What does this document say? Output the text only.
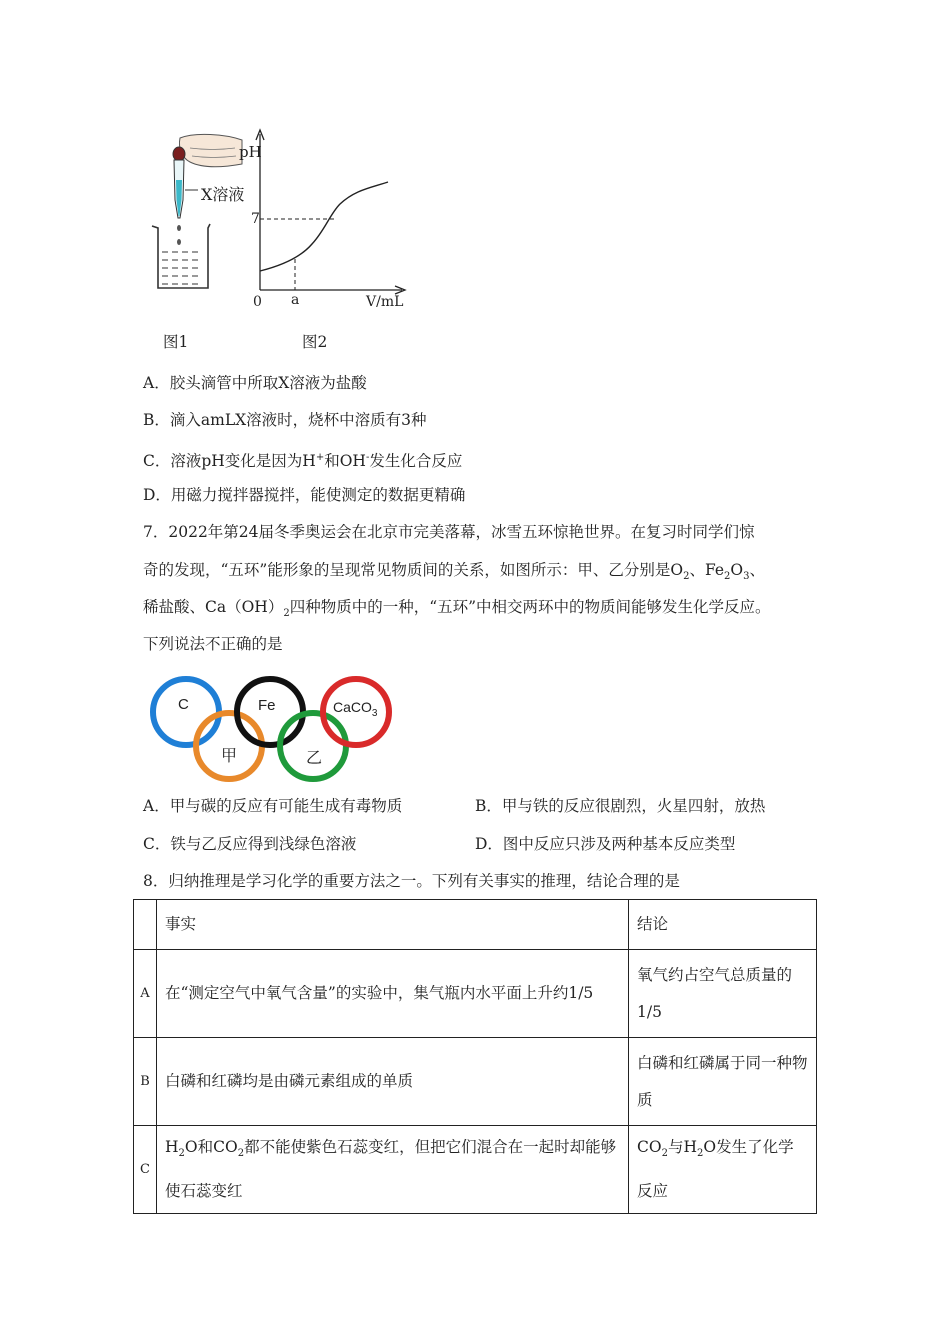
X溶液
pH
7
0 a	V/mL
图1	图2
A．胶头滴管中所取X溶液为盐酸
B．滴入amLX溶液时，烧杯中溶质有3种
C．溶液pH变化是因为H+和OH-发生化合反应
D．用磁力搅拌器搅拌，能使测定的数据更精确
7．2022年第24届冬季奥运会在北京市完美落幕，冰雪五环惊艳世界。在复习时同学们惊
奇的发现，“五环”能形象的呈现常见物质间的关系，如图所示：甲、乙分别是$O_2$、$Fe_2O_3$、
稀盐酸、$Ca(OH)_2$四种物质中的一种，“五环”中相交两环中的物质间能够发生化学反应。
下列说法不正确的是
C	Fe	CaCO$_3$
甲	乙
A．甲与碳的反应有可能生成有毒物质	B．甲与铁的反应很剧烈，火星四射，放热
C．铁与乙反应得到浅绿色溶液	D．图中反应只涉及两种基本反应类型
8．归纳推理是学习化学的重要方法之一。下列有关事实的推理，结论合理的是
	事实	结论
A	在“测定空气中氧气含量”的实验中，集气瓶内水平面上升约1/5	氧气约占空气总质量的1/5
B	白磷和红磷均是由磷元素组成的单质	白磷和红磷属于同一种物质
C	$H_2O$和$CO_2$都不能使紫色石蕊变红，但把它们混合在一起时却能够使石蕊变红	$CO_2$与$H_2O$发生了化学反应
